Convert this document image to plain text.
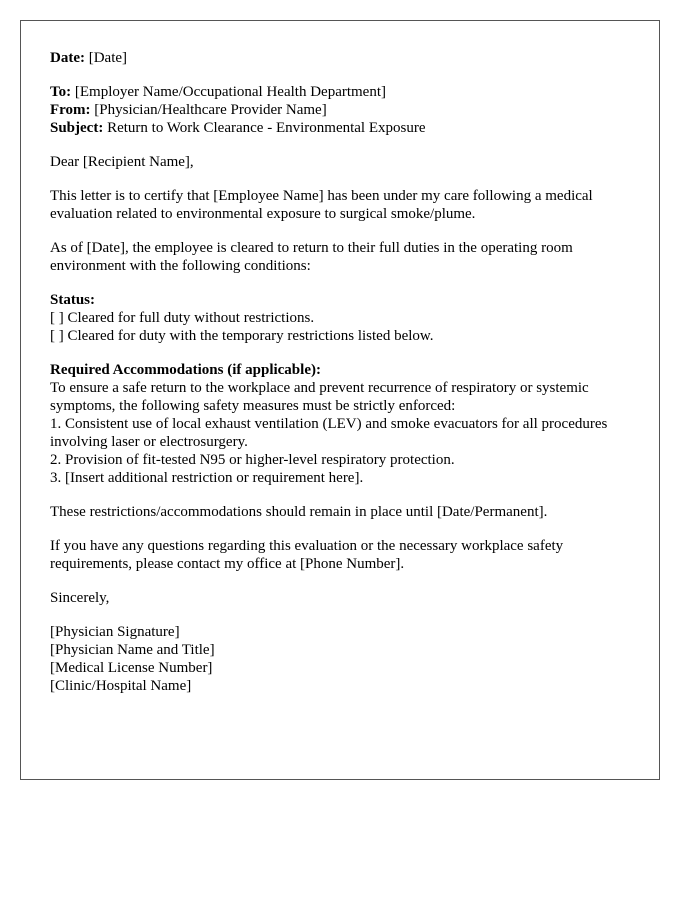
Date: [Date]
To: [Employer Name/Occupational Health Department]
From: [Physician/Healthcare Provider Name]
Subject: Return to Work Clearance - Environmental Exposure
Dear [Recipient Name],
This letter is to certify that [Employee Name] has been under my care following a medical evaluation related to environmental exposure to surgical smoke/plume.
As of [Date], the employee is cleared to return to their full duties in the operating room environment with the following conditions:
Status:
[ ] Cleared for full duty without restrictions.
[ ] Cleared for duty with the temporary restrictions listed below.
Required Accommodations (if applicable):
To ensure a safe return to the workplace and prevent recurrence of respiratory or systemic symptoms, the following safety measures must be strictly enforced:
1. Consistent use of local exhaust ventilation (LEV) and smoke evacuators for all procedures involving laser or electrosurgery.
2. Provision of fit-tested N95 or higher-level respiratory protection.
3. [Insert additional restriction or requirement here].
These restrictions/accommodations should remain in place until [Date/Permanent].
If you have any questions regarding this evaluation or the necessary workplace safety requirements, please contact my office at [Phone Number].
Sincerely,
[Physician Signature]
[Physician Name and Title]
[Medical License Number]
[Clinic/Hospital Name]
